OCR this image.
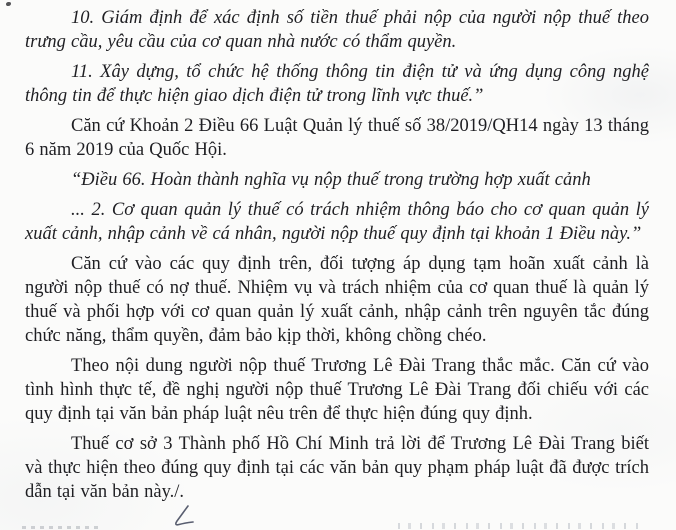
10. Giám định để xác định số tiền thuế phải nộp của người nộp thuế theo trưng cầu, yêu cầu của cơ quan nhà nước có thẩm quyền.

11. Xây dựng, tổ chức hệ thống thông tin điện tử và ứng dụng công nghệ thông tin để thực hiện giao dịch điện tử trong lĩnh vực thuế.”

Căn cứ Khoản 2 Điều 66 Luật Quản lý thuế số 38/2019/QH14 ngày 13 tháng 6 năm 2019 của Quốc Hội.

“Điều 66. Hoàn thành nghĩa vụ nộp thuế trong trường hợp xuất cảnh

... 2. Cơ quan quản lý thuế có trách nhiệm thông báo cho cơ quan quản lý xuất cảnh, nhập cảnh về cá nhân, người nộp thuế quy định tại khoản 1 Điều này.”

Căn cứ vào các quy định trên, đối tượng áp dụng tạm hoãn xuất cảnh là người nộp thuế có nợ thuế. Nhiệm vụ và trách nhiệm của cơ quan thuế là quản lý thuế và phối hợp với cơ quan quản lý xuất cảnh, nhập cảnh trên nguyên tắc đúng chức năng, thẩm quyền, đảm bảo kịp thời, không chồng chéo.

Theo nội dung người nộp thuế Trương Lê Đài Trang thắc mắc. Căn cứ vào tình hình thực tế, đề nghị người nộp thuế Trương Lê Đài Trang đối chiếu với các quy định tại văn bản pháp luật nêu trên để thực hiện đúng quy định.

Thuế cơ sở 3 Thành phố Hồ Chí Minh trả lời để Trương Lê Đài Trang biết và thực hiện theo đúng quy định tại các văn bản quy phạm pháp luật đã được trích dẫn tại văn bản này./.
